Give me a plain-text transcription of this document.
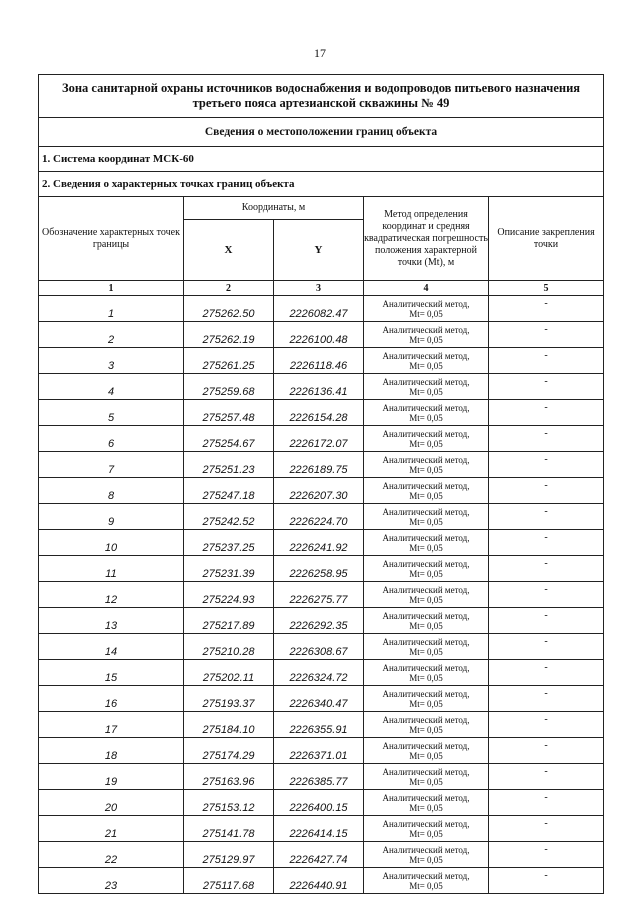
17
Зона санитарной охраны источников водоснабжения и водопроводов питьевого назначения третьего пояса артезианской скважины № 49				
Сведения о местоположении границ объекта				
1. Система координат МСК-60				
2. Сведения о характерных точках границ объекта				
Обозначение характерных точек границы	Координаты, м		Метод определения координат и средняя квадратическая погрешность положения характерной точки (Mt), м	Описание закрепления точки
	X	Y		
1	2	3	4	5
1	275262.50	2226082.47	Аналитический метод,
Mt= 0,05	-
2	275262.19	2226100.48	Аналитический метод,
Mt= 0,05	-
3	275261.25	2226118.46	Аналитический метод,
Mt= 0,05	-
4	275259.68	2226136.41	Аналитический метод,
Mt= 0,05	-
5	275257.48	2226154.28	Аналитический метод,
Mt= 0,05	-
6	275254.67	2226172.07	Аналитический метод,
Mt= 0,05	-
7	275251.23	2226189.75	Аналитический метод,
Mt= 0,05	-
8	275247.18	2226207.30	Аналитический метод,
Mt= 0,05	-
9	275242.52	2226224.70	Аналитический метод,
Mt= 0,05	-
10	275237.25	2226241.92	Аналитический метод,
Mt= 0,05	-
11	275231.39	2226258.95	Аналитический метод,
Mt= 0,05	-
12	275224.93	2226275.77	Аналитический метод,
Mt= 0,05	-
13	275217.89	2226292.35	Аналитический метод,
Mt= 0,05	-
14	275210.28	2226308.67	Аналитический метод,
Mt= 0,05	-
15	275202.11	2226324.72	Аналитический метод,
Mt= 0,05	-
16	275193.37	2226340.47	Аналитический метод,
Mt= 0,05	-
17	275184.10	2226355.91	Аналитический метод,
Mt= 0,05	-
18	275174.29	2226371.01	Аналитический метод,
Mt= 0,05	-
19	275163.96	2226385.77	Аналитический метод,
Mt= 0,05	-
20	275153.12	2226400.15	Аналитический метод,
Mt= 0,05	-
21	275141.78	2226414.15	Аналитический метод,
Mt= 0,05	-
22	275129.97	2226427.74	Аналитический метод,
Mt= 0,05	-
23	275117.68	2226440.91	Аналитический метод,
Mt= 0,05	-
